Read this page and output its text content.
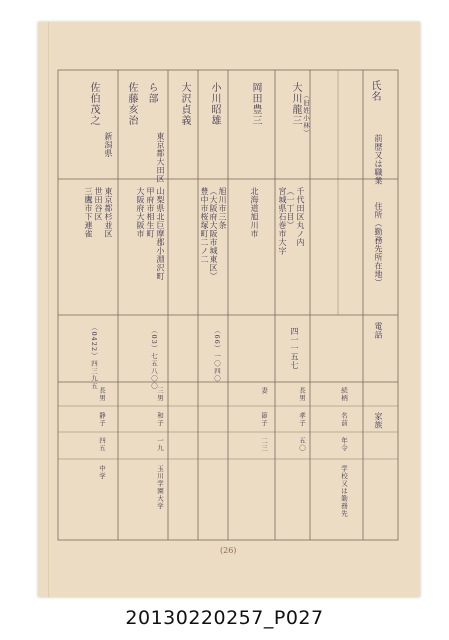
氏名
前歴又は職業
住所（勤務先所在地）
電話
家族
続柄
名前
年令
学校又は勤務先
大川龍三 （旧姓小林）
千代田区丸ノ内
（一丁目）
宮城県石巻市大字
四一一五七
長男
孝子
五〇
岡田豊三
北海道旭川市
妻
節子
二三
小川昭雄
旭川市三条
（大阪府大阪市城東区）
豊中市桜塚町二ノ二
（66）一〇四〇
大沢貞義
ら部
佐藤亥治
東京都大田区
山梨県北巨摩郡小淵沢町
甲府市相生町
大阪府大阪市
（03）七五八〇〇
三男
和子
一九
玉川学園大学
佐伯茂之
新潟県
東京都杉並区
世田谷区
三鷹市下連雀
（0422）四三九五
長男
静子
四五
中学
(26)
20130220257_P027
